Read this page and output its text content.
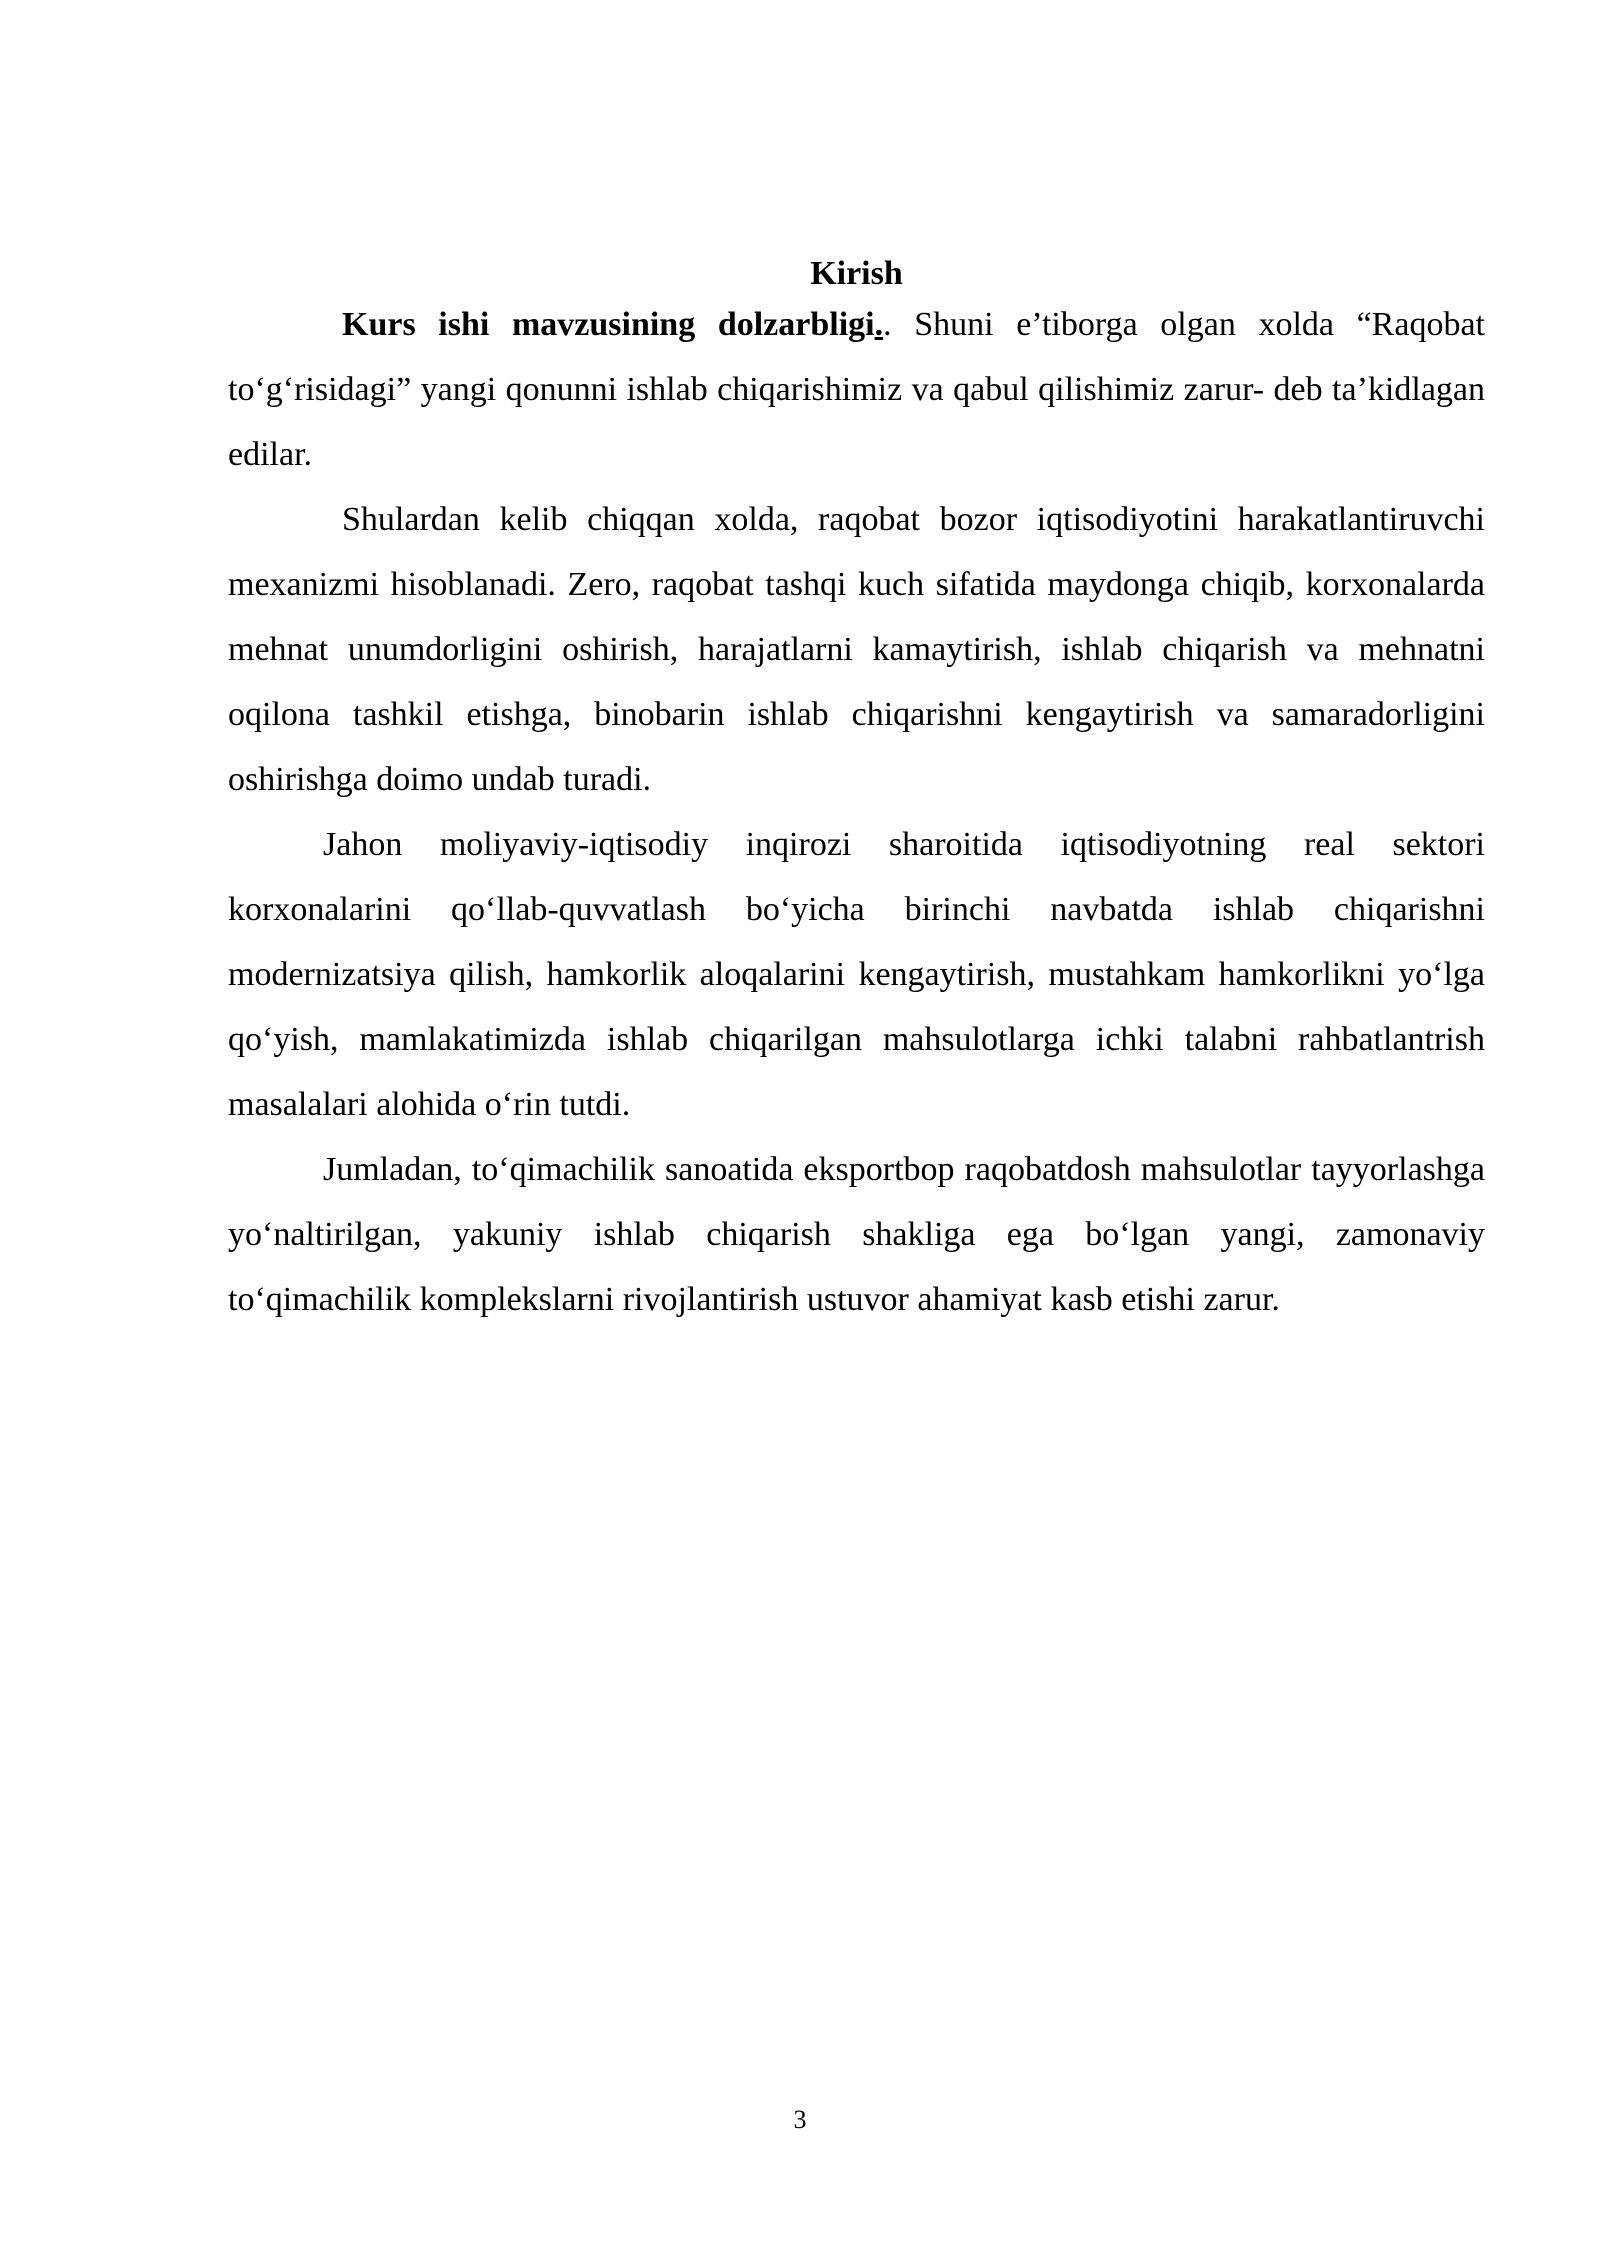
Kirish

Kurs ishi mavzusining dolzarbligi.. Shuni e’tiborga olgan xolda “Raqobat to‘g‘risidagi” yangi qonunni ishlab chiqarishimiz va qabul qilishimiz zarur- deb ta’kidlagan edilar.

Shulardan kelib chiqqan xolda, raqobat bozor iqtisodiyotini harakatlantiruvchi mexanizmi hisoblanadi. Zero, raqobat tashqi kuch sifatida maydonga chiqib, korxonalarda mehnat unumdorligini oshirish, harajatlarni kamaytirish, ishlab chiqarish va mehnatni oqilona tashkil etishga, binobarin ishlab chiqarishni kengaytirish va samaradorligini oshirishga doimo undab turadi.

Jahon moliyaviy-iqtisodiy inqirozi sharoitida iqtisodiyotning real sektori korxonalarini qo‘llab-quvvatlash bo‘yicha birinchi navbatda ishlab chiqarishni modernizatsiya qilish, hamkorlik aloqalarini kengaytirish, mustahkam hamkorlikni yo‘lga qo‘yish, mamlakatimizda ishlab chiqarilgan mahsulotlarga ichki talabni rahbatlantrish masalalari alohida o‘rin tutdi.

Jumladan, to‘qimachilik sanoatida eksportbop raqobatdosh mahsulotlar tayyorlashga yo‘naltirilgan, yakuniy ishlab chiqarish shakliga ega bo‘lgan yangi, zamonaviy to‘qimachilik komplekslarni rivojlantirish ustuvor ahamiyat kasb etishi zarur.

3
